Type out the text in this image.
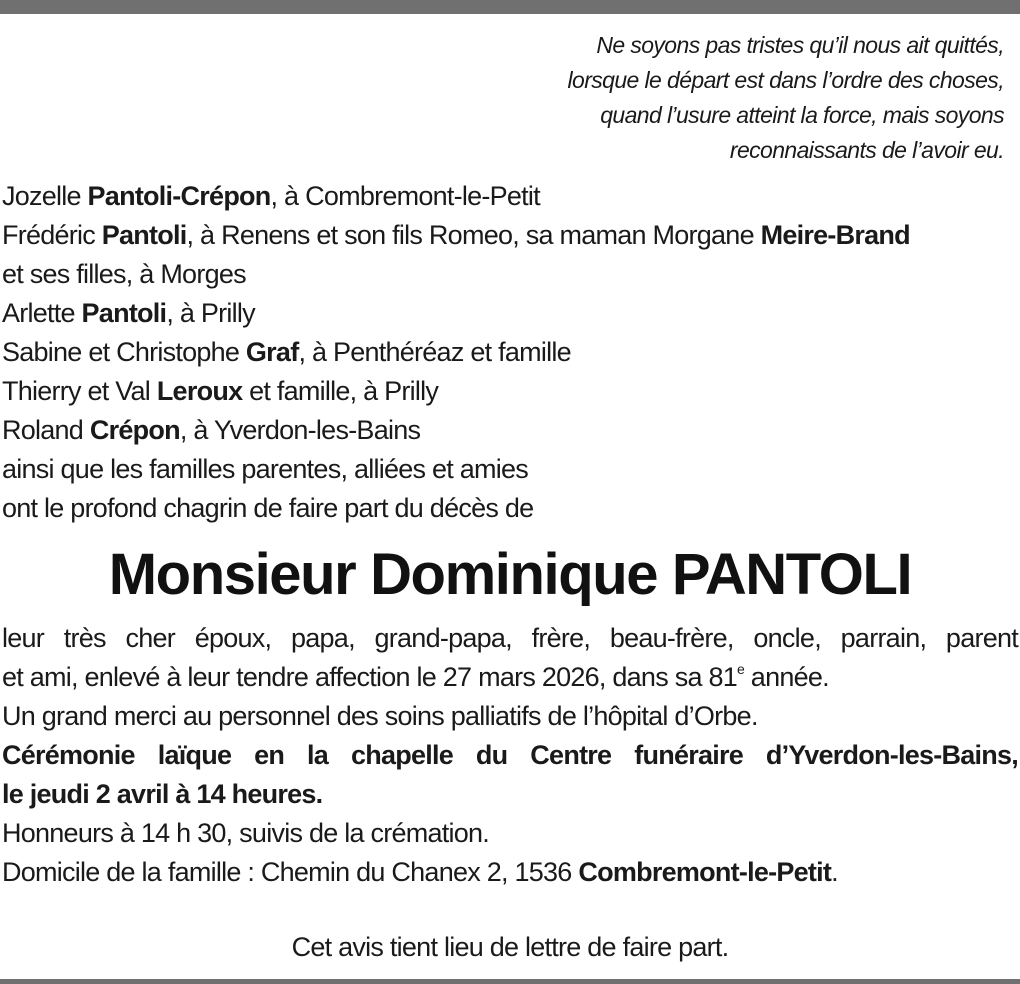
Ne soyons pas tristes qu’il nous ait quittés,
lorsque le départ est dans l’ordre des choses,
quand l’usure atteint la force, mais soyons
reconnaissants de l’avoir eu.
Jozelle Pantoli-Crépon, à Combremont-le-Petit
Frédéric Pantoli, à Renens et son fils Romeo, sa maman Morgane Meire-Brand
et ses filles, à Morges
Arlette Pantoli, à Prilly
Sabine et Christophe Graf, à Penthéréaz et famille
Thierry et Val Leroux et famille, à Prilly
Roland Crépon, à Yverdon-les-Bains
ainsi que les familles parentes, alliées et amies
ont le profond chagrin de faire part du décès de
Monsieur Dominique PANTOLI
leur très cher époux, papa, grand-papa, frère, beau-frère, oncle, parrain, parent
et ami, enlevé à leur tendre affection le 27 mars 2026, dans sa 81e année.
Un grand merci au personnel des soins palliatifs de l’hôpital d’Orbe.
Cérémonie laïque en la chapelle du Centre funéraire d’Yverdon-les-Bains,
le jeudi 2 avril à 14 heures.
Honneurs à 14 h 30, suivis de la crémation.
Domicile de la famille : Chemin du Chanex 2, 1536 Combremont-le-Petit.
Cet avis tient lieu de lettre de faire part.
